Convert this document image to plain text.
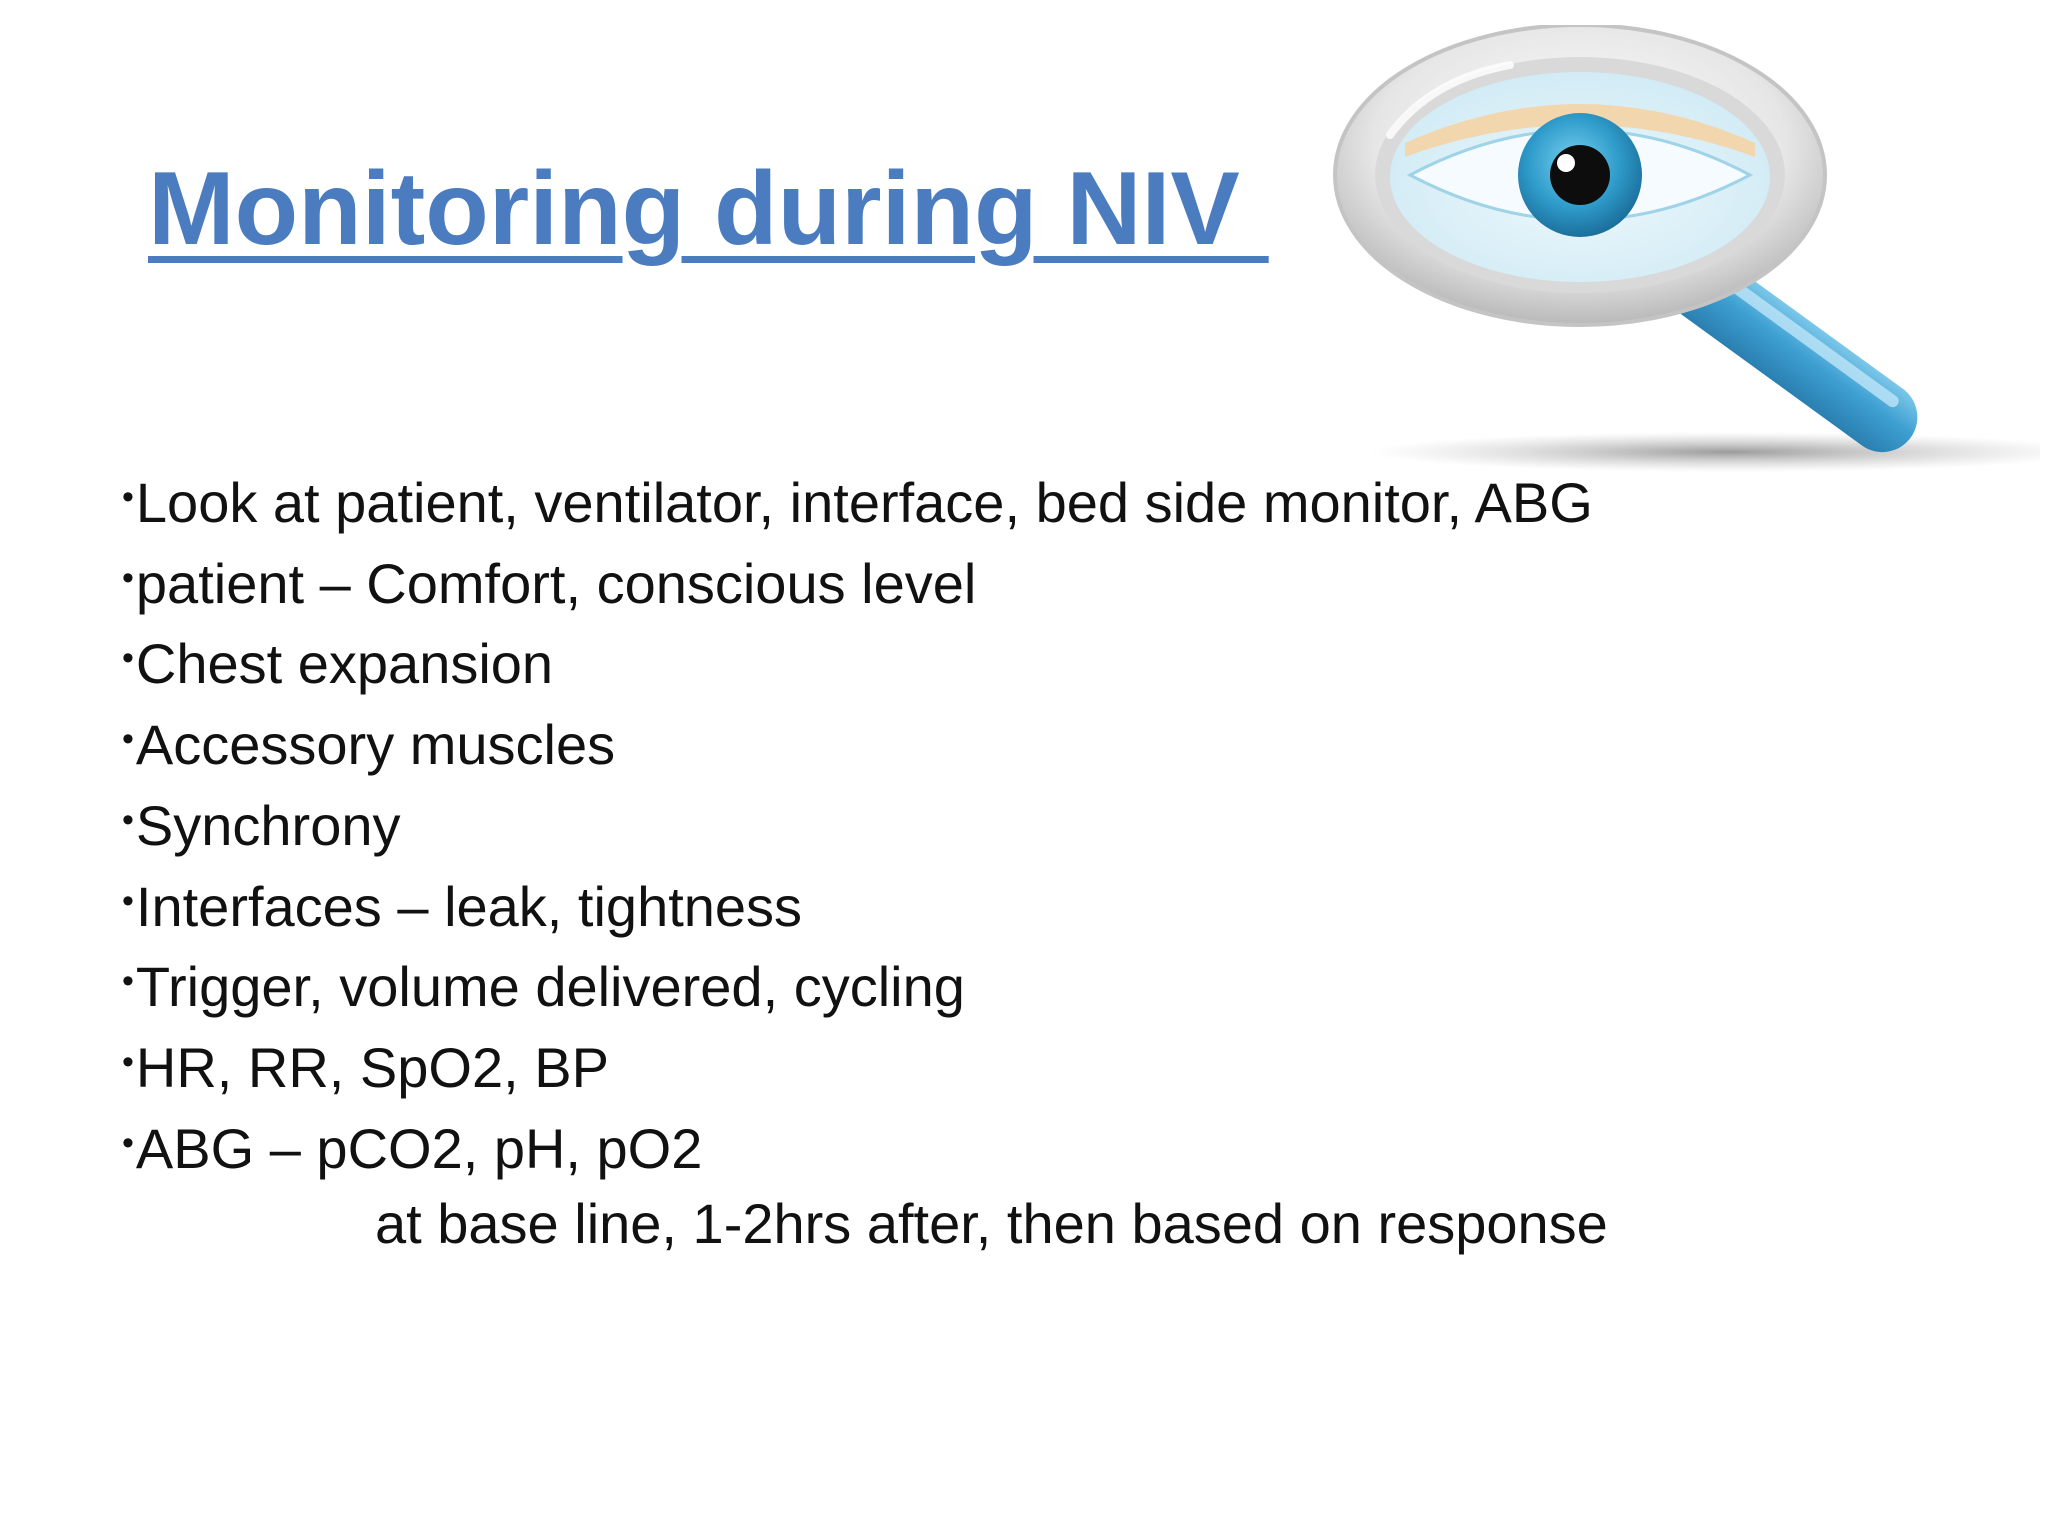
Monitoring during NIV
•Look at patient, ventilator, interface, bed side monitor, ABG
•patient – Comfort, conscious level
•Chest expansion
•Accessory muscles
•Synchrony
•Interfaces – leak, tightness
•Trigger, volume delivered, cycling
•HR, RR, SpO2, BP
•ABG – pCO2, pH, pO2
at base line, 1-2hrs after, then based on response
